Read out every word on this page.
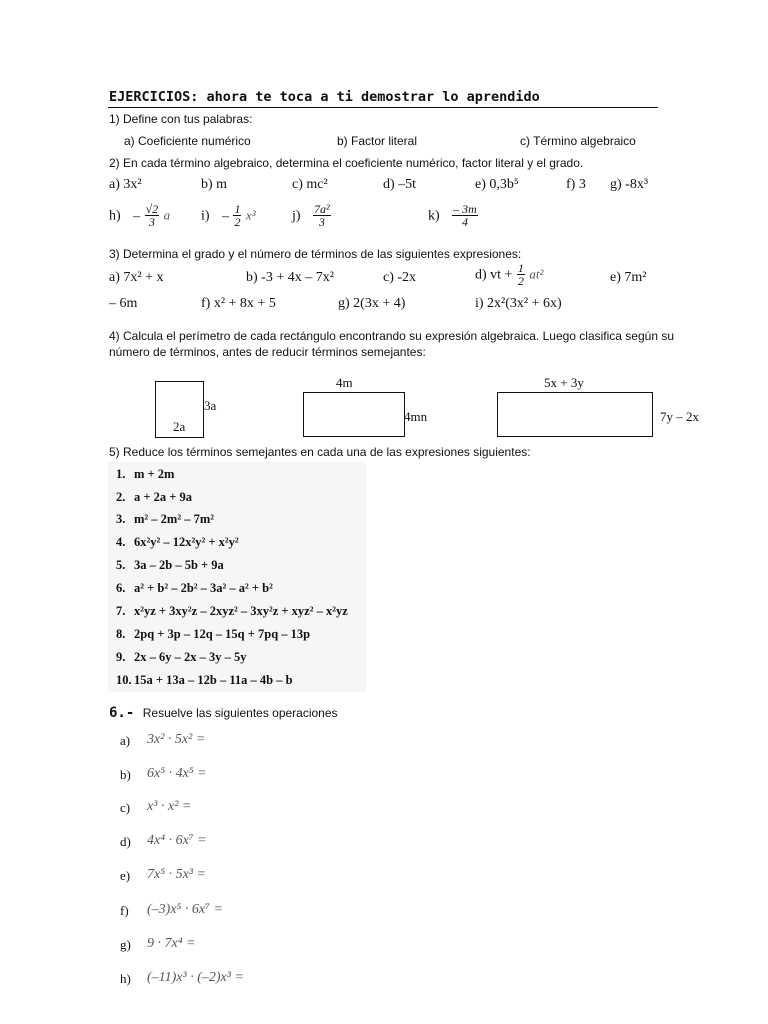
EJERCICIOS: ahora te toca a ti demostrar lo aprendido
1) Define con tus palabras:
a) Coeficiente numérico	b) Factor literal	c) Término algebraico
2) En cada término algebraico, determina el coeficiente numérico, factor literal y el grado.
a) 3x²	b) m	c) mc²	d) –5t	e) 0,3b⁵	f) 3 g) -8x³
$h) - \frac{√2}{3}$ a $i) - \frac{1}{2} x^3$	$j) \frac{\text{7a²}}{3}$	$k) \frac{- 3m}{4}$
3) Determina el grado y el número de términos de las siguientes expresiones:
a) 7x² + x	b) -3 + 4x – 7x²	c) -2x	d) vt + $\frac{1}{2} at^2$	e) 7m²
– 6m	f) x² + 8x + 5	g) 2(3x + 4)	i) 2x²(3x² + 6x)
4) Calcula el perímetro de cada rectángulo encontrando su expresión algebraica. Luego clasifica según su
número de términos, antes de reducir términos semejantes:
3a
2a
4m
4mn
5x + 3y
7y – 2x
5) Reduce los términos semejantes en cada una de las expresiones siguientes:
1. m + 2m
2. a + 2a + 9a
3. m² – 2m² – 7m²
4. 6x²y² – 12x²y² + x²y²
5. 3a – 2b – 5b + 9a
6. a² + b² – 2b² – 3a² – a² + b²
7. x²yz + 3xy²z – 2xyz² – 3xy²z + xyz² – x²yz
8. 2pq + 3p – 12q – 15q + 7pq – 13p
9. 2x – 6y – 2x – 3y – 5y
10. 15a + 13a – 12b – 11a – 4b – b
6.- Resuelve las siguientes operaciones
a) 3x² · 5x² =
b) 6x⁵ · 4x⁵ =
c) x³ · x² =
d) 4x⁴ · 6x⁷ =
e) 7x⁵ · 5x³ =
f) (–3)x⁵ · 6x⁷ =
g) 9 · 7x⁴ =
h) (–11)x³ · (–2)x³ =
